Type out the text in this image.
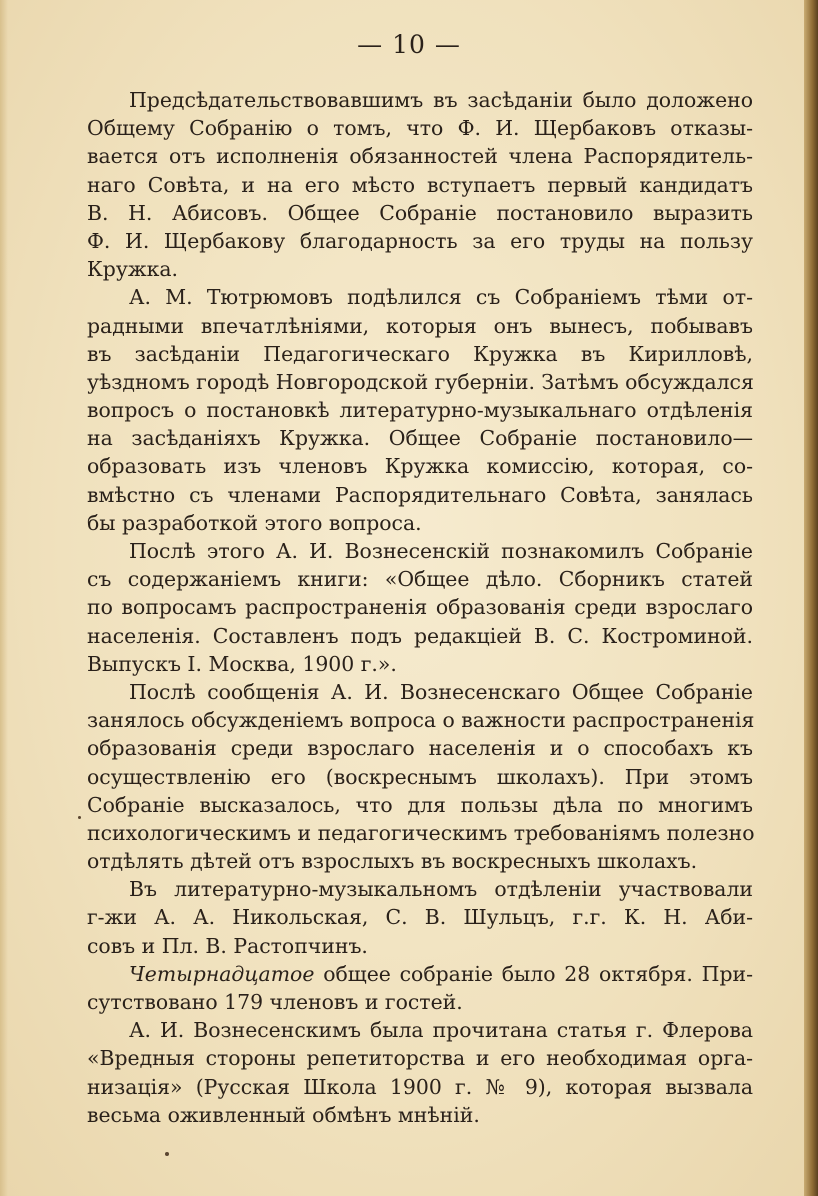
— 10 —
Предсѣдательствовавшимъ въ засѣданіи было доложено
Общему Собранію о томъ, что Ф. И. Щербаковъ отказы-
вается отъ исполненія обязанностей члена Распорядитель-
наго Совѣта, и на его мѣсто вступаетъ первый кандидатъ
В. Н. Абисовъ. Общее Собраніе постановило выразить
Ф. И. Щербакову благодарность за его труды на пользу
Кружка.
А. М. Тютрюмовъ подѣлился съ Собраніемъ тѣми от-
радными впечатлѣніями, которыя онъ вынесъ, побывавъ
въ засѣданіи Педагогическаго Кружка въ Кирилловѣ,
уѣздномъ городѣ Новгородской губерніи. Затѣмъ обсуждался
вопросъ о постановкѣ литературно-музыкальнаго отдѣленія
на засѣданіяхъ Кружка. Общее Собраніе постановило—
образовать изъ членовъ Кружка комиссію, которая, со-
вмѣстно съ членами Распорядительнаго Совѣта, занялась
бы разработкой этого вопроса.
Послѣ этого А. И. Вознесенскій познакомилъ Собраніе
съ содержаніемъ книги: «Общее дѣло. Сборникъ статей
по вопросамъ распространенія образованія среди взрослаго
населенія. Составленъ подъ редакціей В. С. Костроминой.
Выпускъ I. Москва, 1900 г.».
Послѣ сообщенія А. И. Вознесенскаго Общее Собраніе
занялось обсужденіемъ вопроса о важности распространенія
образованія среди взрослаго населенія и о способахъ къ
осуществленію его (воскреснымъ школахъ). При этомъ
Собраніе высказалось, что для пользы дѣла по многимъ
психологическимъ и педагогическимъ требованіямъ полезно
отдѣлять дѣтей отъ взрослыхъ въ воскресныхъ школахъ.
Въ литературно-музыкальномъ отдѣленіи участвовали
г-жи А. А. Никольская, С. В. Шульцъ, г.г. К. Н. Аби-
совъ и Пл. В. Растопчинъ.
Четырнадцатое общее собраніе было 28 октября. При-
сутствовано 179 членовъ и гостей.
А. И. Вознесенскимъ была прочитана статья г. Флерова
«Вредныя стороны репетиторства и его необходимая орга-
низація» (Русская Школа 1900 г. № 9), которая вызвала
весьма оживленный обмѣнъ мнѣній.
